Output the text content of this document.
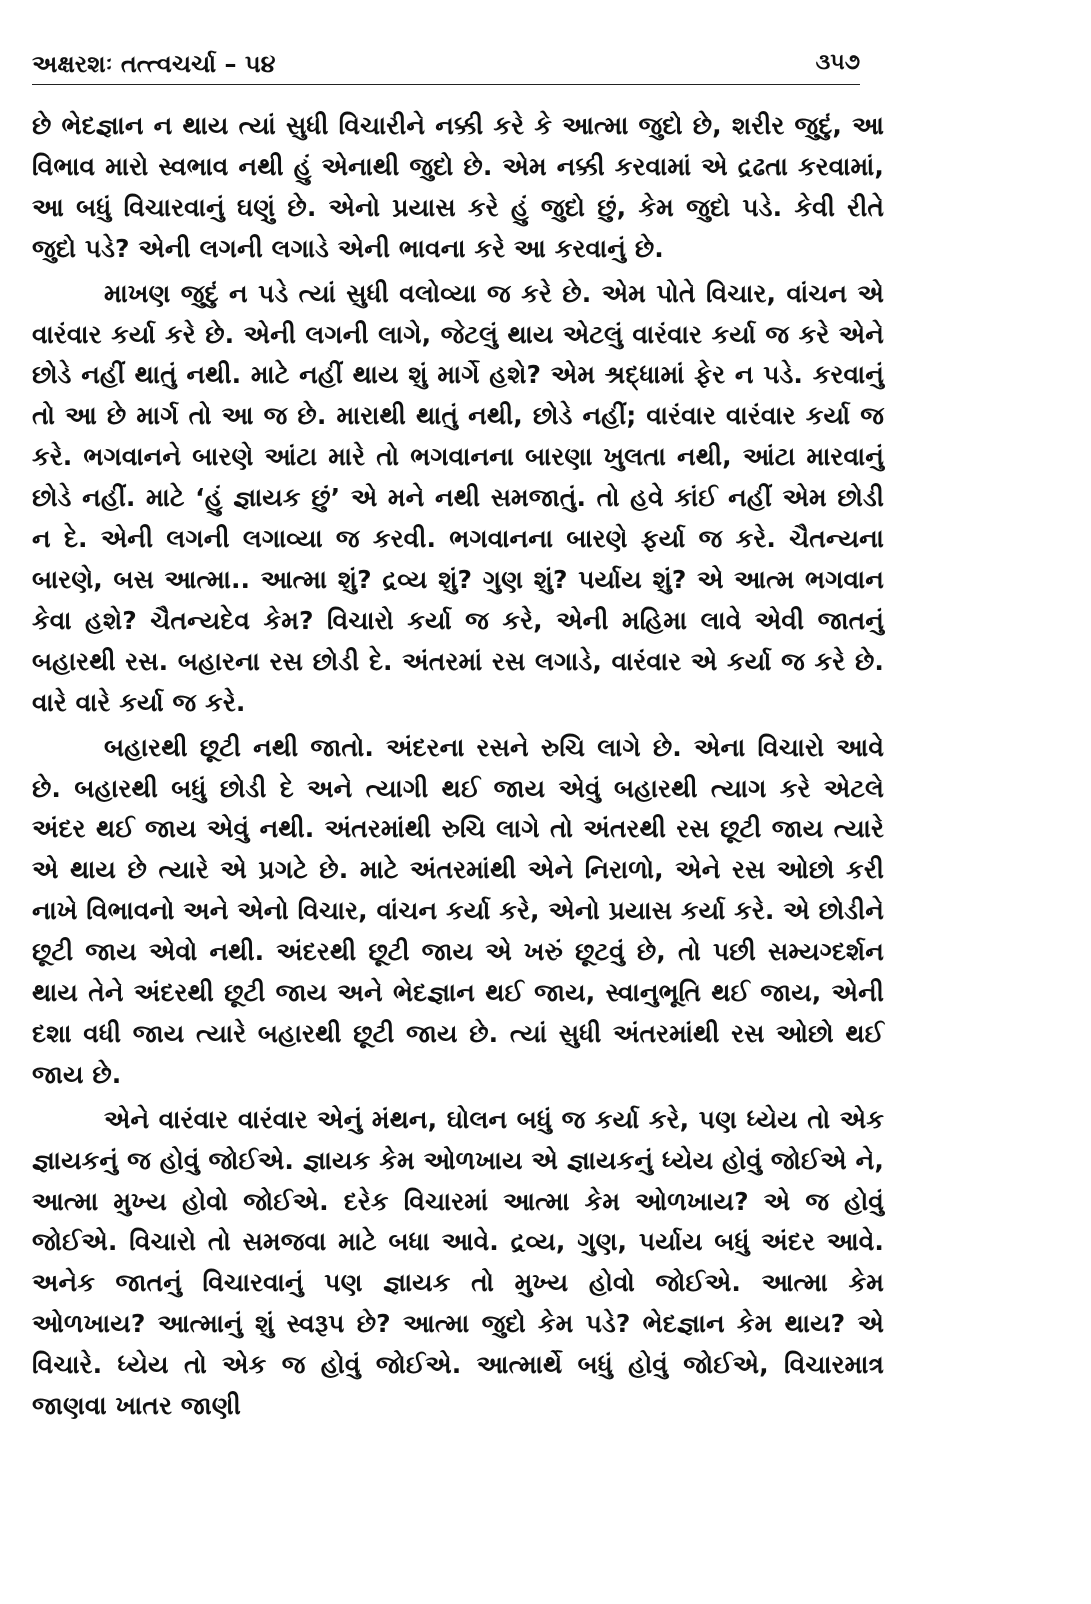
અક્ષરશઃ તત્ત્વચર્ચા – ૫૪	૩૫૭

છે ભેદજ્ઞાન ન થાય ત્યાં સુધી વિચારીને નક્કી કરે કે આત્મા જુદો છે, શરીર જુદું, આ વિભાવ મારો સ્વભાવ નથી હું એનાથી જુદો છે. એમ નક્કી કરવામાં એ દ્રઢતા કરવામાં, આ બધું વિચારવાનું ઘણું છે. એનો પ્રયાસ કરે હું જુદો છું, કેમ જુદો પડે. કેવી રીતે જુદો પડે? એની લગની લગાડે એની ભાવના કરે આ કરવાનું છે.

માખણ જુદું ન પડે ત્યાં સુધી વલોવ્યા જ કરે છે. એમ પોતે વિચાર, વાંચન એ વારંવાર કર્યા કરે છે. એની લગની લાગે, જેટલું થાય એટલું વારંવાર કર્યા જ કરે એને છોડે નહીં થાતું નથી. માટે નહીં થાય શું માર્ગે હશે? એમ શ્રદ્ધામાં ફેર ન પડે. કરવાનું તો આ છે માર્ગ તો આ જ છે. મારાથી થાતું નથી, છોડે નહીં; વારંવાર વારંવાર કર્યા જ કરે. ભગવાનને બારણે આંટા મારે તો ભગવાનના બારણા ખુલતા નથી, આંટા મારવાનું છોડે નહીં. માટે ‘હું જ્ઞાયક છું’ એ મને નથી સમજાતું. તો હવે કાંઈ નહીં એમ છોડી ન દે. એની લગની લગાવ્યા જ કરવી. ભગવાનના બારણે ફર્યા જ કરે. ચૈતન્યના બારણે, બસ આત્મા.. આત્મા શું? દ્રવ્ય શું? ગુણ શું? પર્યાય શું? એ આત્મ ભગવાન કેવા હશે? ચૈતન્યદેવ કેમ? વિચારો કર્યા જ કરે, એની મહિમા લાવે એવી જાતનું બહારથી રસ. બહારના રસ છોડી દે. અંતરમાં રસ લગાડે, વારંવાર એ કર્યા જ કરે છે. વારે વારે કર્યા જ કરે.

બહારથી છૂટી નથી જાતો. અંદરના રસને રુચિ લાગે છે. એના વિચારો આવે છે. બહારથી બધું છોડી દે અને ત્યાગી થઈ જાય એવું બહારથી ત્યાગ કરે એટલે અંદર થઈ જાય એવું નથી. અંતરમાંથી રુચિ લાગે તો અંતરથી રસ છૂટી જાય ત્યારે એ થાય છે ત્યારે એ પ્રગટે છે. માટે અંતરમાંથી એને નિરાળો, એને રસ ઓછો કરી નાખે વિભાવનો અને એનો વિચાર, વાંચન કર્યા કરે, એનો પ્રયાસ કર્યા કરે. એ છોડીને છૂટી જાય એવો નથી. અંદરથી છૂટી જાય એ ખરું છૂટવું છે, તો પછી સમ્યગ્દર્શન થાય તેને અંદરથી છૂટી જાય અને ભેદજ્ઞાન થઈ જાય, સ્વાનુભૂતિ થઈ જાય, એની દશા વધી જાય ત્યારે બહારથી છૂટી જાય છે. ત્યાં સુધી અંતરમાંથી રસ ઓછો થઈ જાય છે.

એને વારંવાર વારંવાર એનું મંથન, ઘોલન બધું જ કર્યા કરે, પણ ધ્યેય તો એક જ્ઞાયકનું જ હોવું જોઈએ. જ્ઞાયક કેમ ઓળખાય એ જ્ઞાયકનું ધ્યેય હોવું જોઈએ ને, આત્મા મુખ્ય હોવો જોઈએ. દરેક વિચારમાં આત્મા કેમ ઓળખાય? એ જ હોવું જોઈએ. વિચારો તો સમજવા માટે બધા આવે. દ્રવ્ય, ગુણ, પર્યાય બધું અંદર આવે. અનેક જાતનું વિચારવાનું પણ જ્ઞાયક તો મુખ્ય હોવો જોઈએ. આત્મા કેમ ઓળખાય? આત્માનું શું સ્વરૂપ છે? આત્મા જુદો કેમ પડે? ભેદજ્ઞાન કેમ થાય? એ વિચારે. ધ્યેય તો એક જ હોવું જોઈએ. આત્માર્થે બધું હોવું જોઈએ, વિચારમાત્ર જાણવા ખાતર જાણી
